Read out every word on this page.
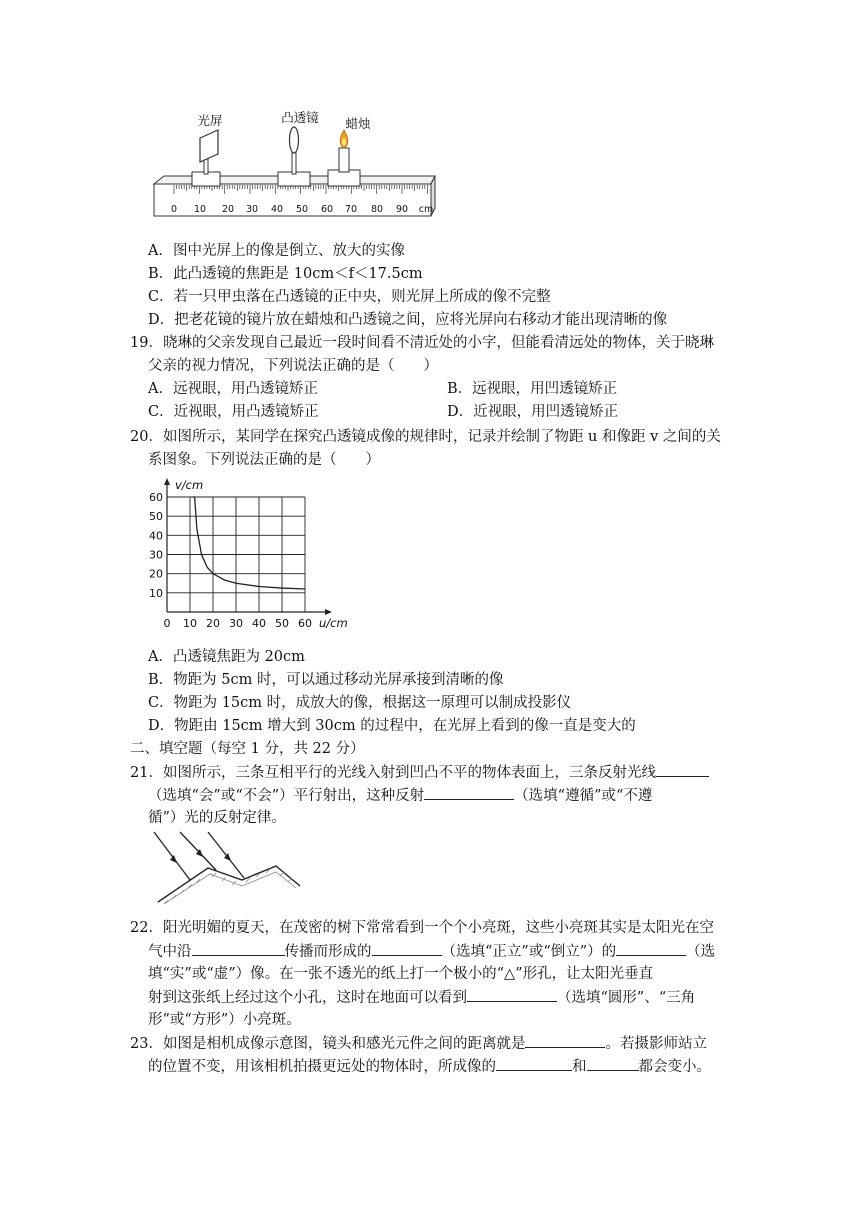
0 10 20 30 40 50 60 70 80 90 cm
光屏	凸透镜 蜡烛
A．图中光屏上的像是倒立、放大的实像
B．此凸透镜的焦距是 10cm＜f＜17.5cm
C．若一只甲虫落在凸透镜的正中央，则光屏上所成的像不完整
D．把老花镜的镜片放在蜡烛和凸透镜之间，应将光屏向右移动才能出现清晰的像
19．晓琳的父亲发现自己最近一段时间看不清近处的小字，但能看清远处的物体，关于晓琳
父亲的视力情况，下列说法正确的是（　　）
A．远视眼，用凸透镜矫正	B．远视眼，用凹透镜矫正
C．近视眼，用凸透镜矫正	D．近视眼，用凹透镜矫正
20．如图所示，某同学在探究凸透镜成像的规律时，记录并绘制了物距 u 和像距 v 之间的关
系图象。下列说法正确的是（　　）
0 10 20 30 40 50 60
10
20
30
40
50
60
v/cm
u/cm
A．凸透镜焦距为 20cm
B．物距为 5cm 时，可以通过移动光屏承接到清晰的像
C．物距为 15cm 时，成放大的像，根据这一原理可以制成投影仪
D．物距由 15cm 增大到 30cm 的过程中，在光屏上看到的像一直是变大的
二、填空题（每空 1 分，共 22 分）
21．如图所示，三条互相平行的光线入射到凹凸不平的物体表面上，三条反射光线
（选填“会”或“不会”）平行射出，这种反射	（选填“遵循”或“不遵
循”）光的反射定律。
22．阳光明媚的夏天，在茂密的树下常常看到一个个小亮斑，这些小亮斑其实是太阳光在空
气中沿	传播而形成的	（选填“正立”或“倒立”）的	（选
填“实”或“虚”）像。在一张不透光的纸上打一个极小的“△”形孔，让太阳光垂直
射到这张纸上经过这个小孔，这时在地面可以看到	（选填“圆形”、“三角
形”或“方形”）小亮斑。
23．如图是相机成像示意图，镜头和感光元件之间的距离就是	。若摄影师站立
的位置不变，用该相机拍摄更远处的物体时，所成像的	和	都会变小。
